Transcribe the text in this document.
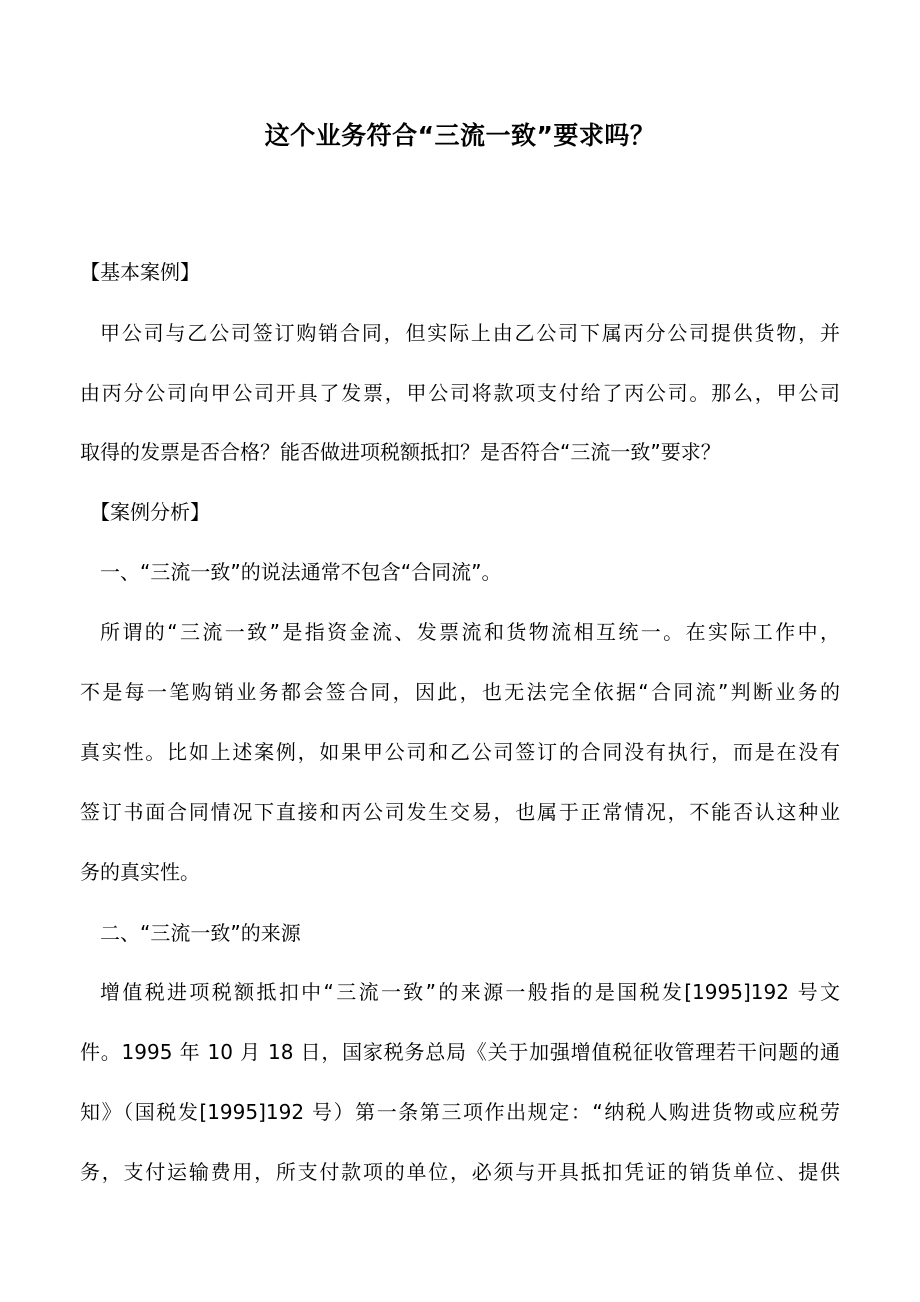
这个业务符合“三流一致”要求吗？
【基本案例】
甲公司与乙公司签订购销合同，但实际上由乙公司下属丙分公司提供货物，并
由丙分公司向甲公司开具了发票，甲公司将款项支付给了丙公司。那么，甲公司
取得的发票是否合格？能否做进项税额抵扣？是否符合“三流一致”要求？
【案例分析】
一、“三流一致”的说法通常不包含“合同流”。
所谓的“三流一致”是指资金流、发票流和货物流相互统一。在实际工作中，
不是每一笔购销业务都会签合同，因此，也无法完全依据“合同流”判断业务的
真实性。比如上述案例，如果甲公司和乙公司签订的合同没有执行，而是在没有
签订书面合同情况下直接和丙公司发生交易，也属于正常情况，不能否认这种业
务的真实性。
二、“三流一致”的来源
增值税进项税额抵扣中“三流一致”的来源一般指的是国税发[1995]192 号文
件。1995 年 10 月 18 日，国家税务总局《关于加强增值税征收管理若干问题的通
知》（国税发[1995]192 号）第一条第三项作出规定：“纳税人购进货物或应税劳
务，支付运输费用，所支付款项的单位，必须与开具抵扣凭证的销货单位、提供
